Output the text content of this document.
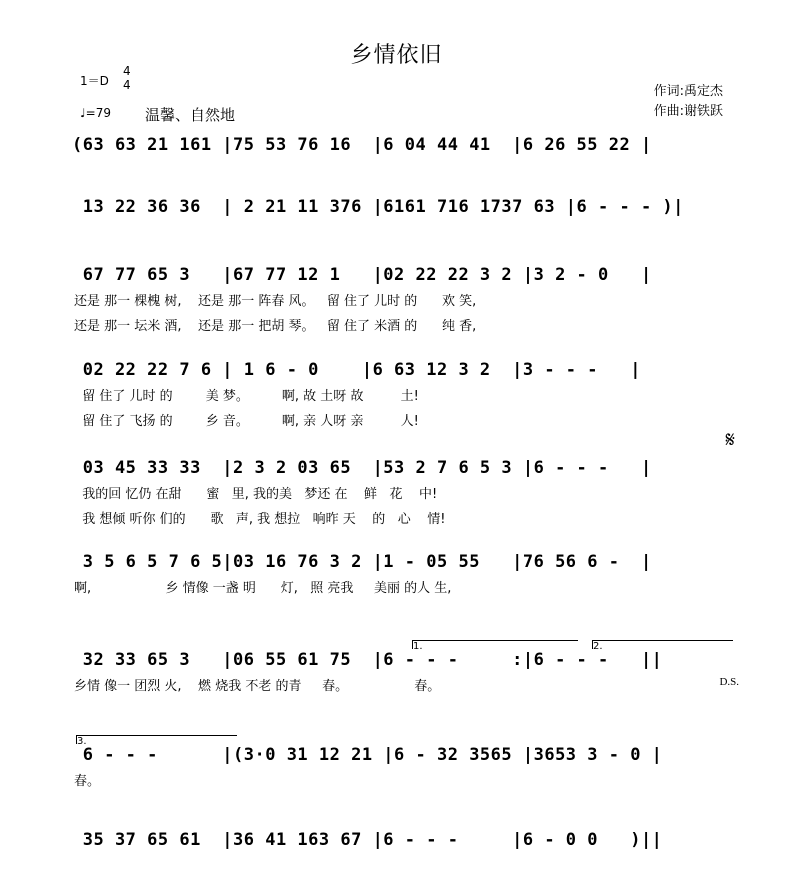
乡情依旧
1＝D
4
4
♩=79 温馨、自然地
作词:禹定杰
作曲:谢铁跃
(63 63 21 161 |75 53 76 16  |6 04 44 41  |6 26 55 22 |
13 22 36 36  | 2 21 11 376 |6161 716 1737 63 |6 - - - )|
67 77 65 3   |67 77 12 1   |02 22 22 3 2 |3 2 - 0   |
还是 那一 棵槐 树,    还是 那一 阵春 风。   留 住了 儿时 的      欢 笑,
还是 那一 坛米 酒,    还是 那一 把胡 琴。   留 住了 米酒 的      纯 香,
02 22 22 7 6 | 1 6 - 0    |6 63 12 3 2  |3 - - -   |
留 住了 儿时 的        美 梦。        啊, 故 土呀 故         土!
留 住了 飞扬 的        乡 音。        啊, 亲 人呀 亲         人!
𝄋
03 45 33 33  |2 3 2 03 65  |53 2 7 6 5 3 |6 - - -   |
我的回 忆仍 在甜      蜜   里, 我的美   梦还 在    鲜   花    中!
我 想倾 听你 们的      歌   声, 我 想拉   响昨 天    的   心    情!
3 5 6 5 7 6 5|03 16 76 3 2 |1 - 05 55   |76 56 6 -  |
啊,                  乡 情像 一盏 明      灯,   照 亮我     美丽 的人 生,
1.	2.
32 33 65 3   |06 55 61 75  |6 - - -     :|6 - - -   ||
乡情 像一 团烈 火,    燃 烧我 不老 的青     春。                春。	D.S.
3.
6 - - -      |(3·0 31 12 21 |6 - 32 3565 |3653 3 - 0 |
春。
35 37 65 61  |36 41 163 67 |6 - - -     |6 - 0 0   )||
